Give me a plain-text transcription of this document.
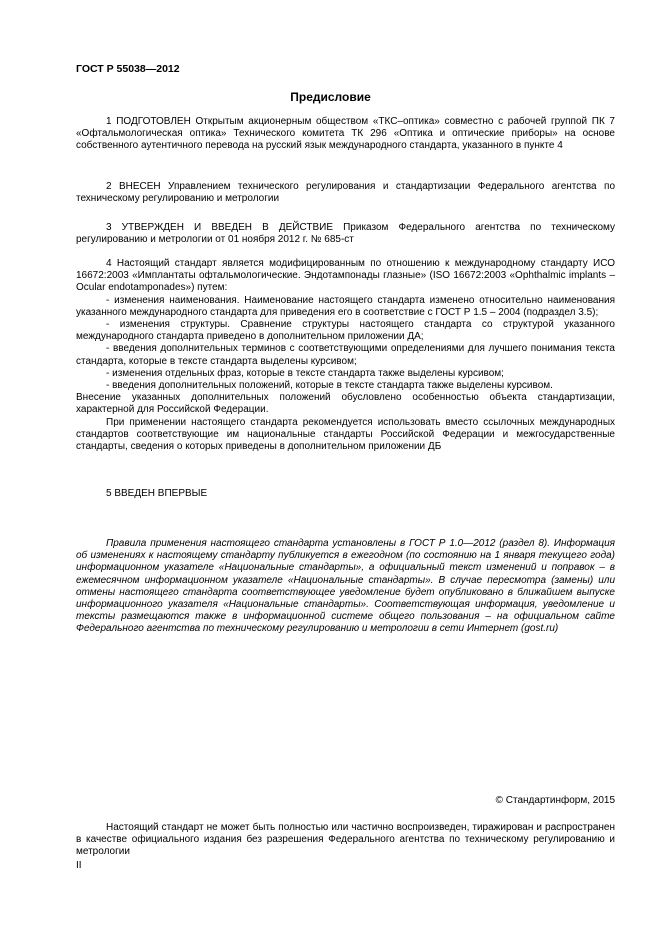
ГОСТ Р 55038—2012
Предисловие

1 ПОДГОТОВЛЕН Открытым акционерным обществом «ТКС–оптика» совместно с рабочей группой ПК 7 «Офтальмологическая оптика» Технического комитета ТК 296 «Оптика и оптические приборы» на основе собственного аутентичного перевода на русский язык международного стандарта, указанного в пункте 4

2 ВНЕСЕН Управлением технического регулирования и стандартизации Федерального агентства по техническому регулированию и метрологии

3 УТВЕРЖДЕН И ВВЕДЕН В ДЕЙСТВИЕ Приказом Федерального агентства по техническому регулированию и метрологии от 01 ноября 2012 г. № 685-ст

4 Настоящий стандарт является модифицированным по отношению к международному стандарту ИСО 16672:2003 «Имплантаты офтальмологические. Эндотампонады глазные» (ISO 16672:2003 «Ophthalmic implants – Ocular endotamponades») путем:

- изменения наименования. Наименование настоящего стандарта изменено относительно наименования указанного международного стандарта для приведения его в соответствие с ГОСТ Р 1.5 – 2004 (подраздел 3.5);

- изменения структуры. Сравнение структуры настоящего стандарта со структурой указанного международного стандарта приведено в дополнительном приложении ДА;

- введения дополнительных терминов с соответствующими определениями для лучшего понимания текста стандарта, которые в тексте стандарта выделены курсивом;

- изменения отдельных фраз, которые в тексте стандарта также выделены курсивом;

- введения дополнительных положений, которые в тексте стандарта также выделены курсивом.

Внесение указанных дополнительных положений обусловлено особенностью объекта стандартизации, характерной для Российской Федерации.

При применении настоящего стандарта рекомендуется использовать вместо ссылочных международных стандартов соответствующие им национальные стандарты Российской Федерации и межгосударственные стандарты, сведения о которых приведены в дополнительном приложении ДБ

5 ВВЕДЕН ВПЕРВЫЕ

Правила применения настоящего стандарта установлены в ГОСТ Р 1.0—2012 (раздел 8). Информация об изменениях к настоящему стандарту публикуется в ежегодном (по состоянию на 1 января текущего года) информационном указателе «Национальные стандарты», а официальный текст изменений и поправок – в ежемесячном информационном указателе «Национальные стандарты». В случае пересмотра (замены) или отмены настоящего стандарта соответствующее уведомление будет опубликовано в ближайшем выпуске информационного указателя «Национальные стандарты». Соответствующая информация, уведомление и тексты размещаются также в информационной системе общего пользования – на официальном сайте Федерального агентства по техническому регулированию и метрологии в сети Интернет (gost.ru)

© Стандартинформ, 2015

Настоящий стандарт не может быть полностью или частично воспроизведен, тиражирован и распространен в качестве официального издания без разрешения Федерального агентства по техническому регулированию и метрологии

II
